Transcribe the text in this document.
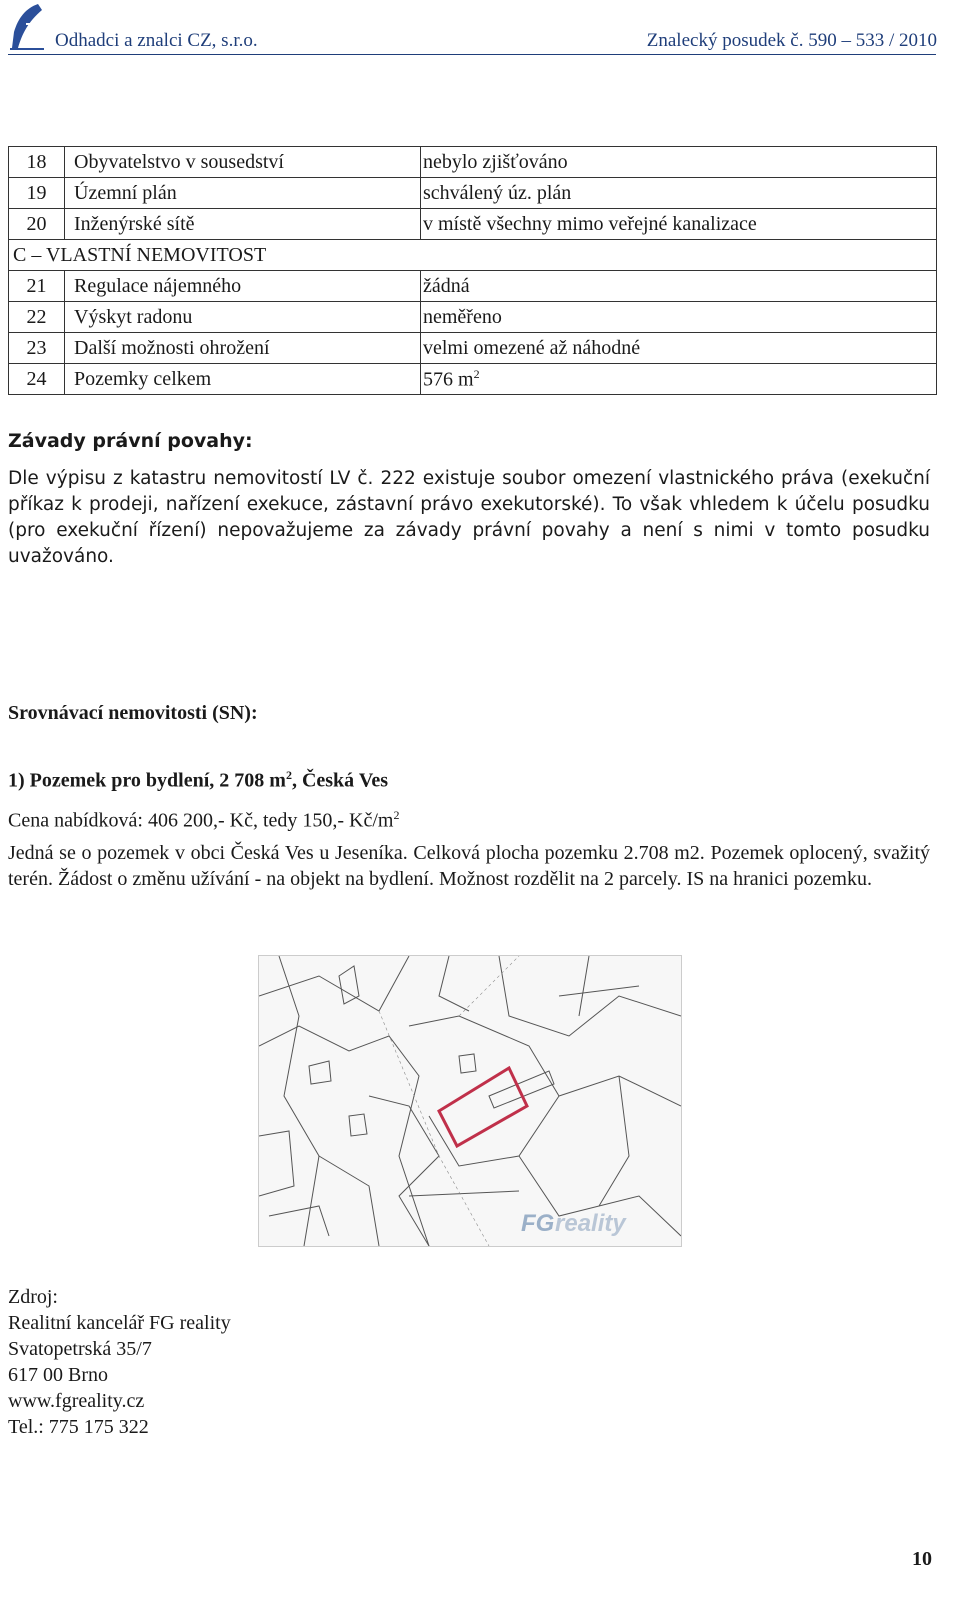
Odhadci a znalci CZ, s.r.o.	Znalecký posudek č. 590 – 533 / 2010
18	Obyvatelstvo v sousedství	nebylo zjišťováno
19	Územní plán	schválený úz. plán
20	Inženýrské sítě	v místě všechny mimo veřejné kanalizace
C – VLASTNÍ NEMOVITOST		
21	Regulace nájemného	žádná
22	Výskyt radonu	neměřeno
23	Další možnosti ohrožení	velmi omezené až náhodné
24	Pozemky celkem	576 $m^2$
Závady právní povahy:
Dle výpisu z katastru nemovitostí LV č. 222 existuje soubor omezení vlastnického práva (exekuční příkaz k prodeji, nařízení exekuce, zástavní právo exekutorské). To však vhledem k účelu posudku (pro exekuční řízení) nepovažujeme za závady právní povahy a není s nimi v tomto posudku uvažováno.
Srovnávací nemovitosti (SN):
1) Pozemek pro bydlení, 2 708 $m^2$, Česká Ves
Cena nabídková: 406 200,- Kč, tedy 150,- $Kč/m^2$
Jedná se o pozemek v obci Česká Ves u Jeseníka. Celková plocha pozemku 2.708 m2. Pozemek oplocený, svažitý terén. Žádost o změnu užívání - na objekt na bydlení. Možnost rozdělit na 2 parcely. IS na hranici pozemku.
FG reality
Zdroj:
Realitní kancelář FG reality
Svatopetrská 35/7
617 00 Brno
www.fgreality.cz
Tel.: 775 175 322
10
